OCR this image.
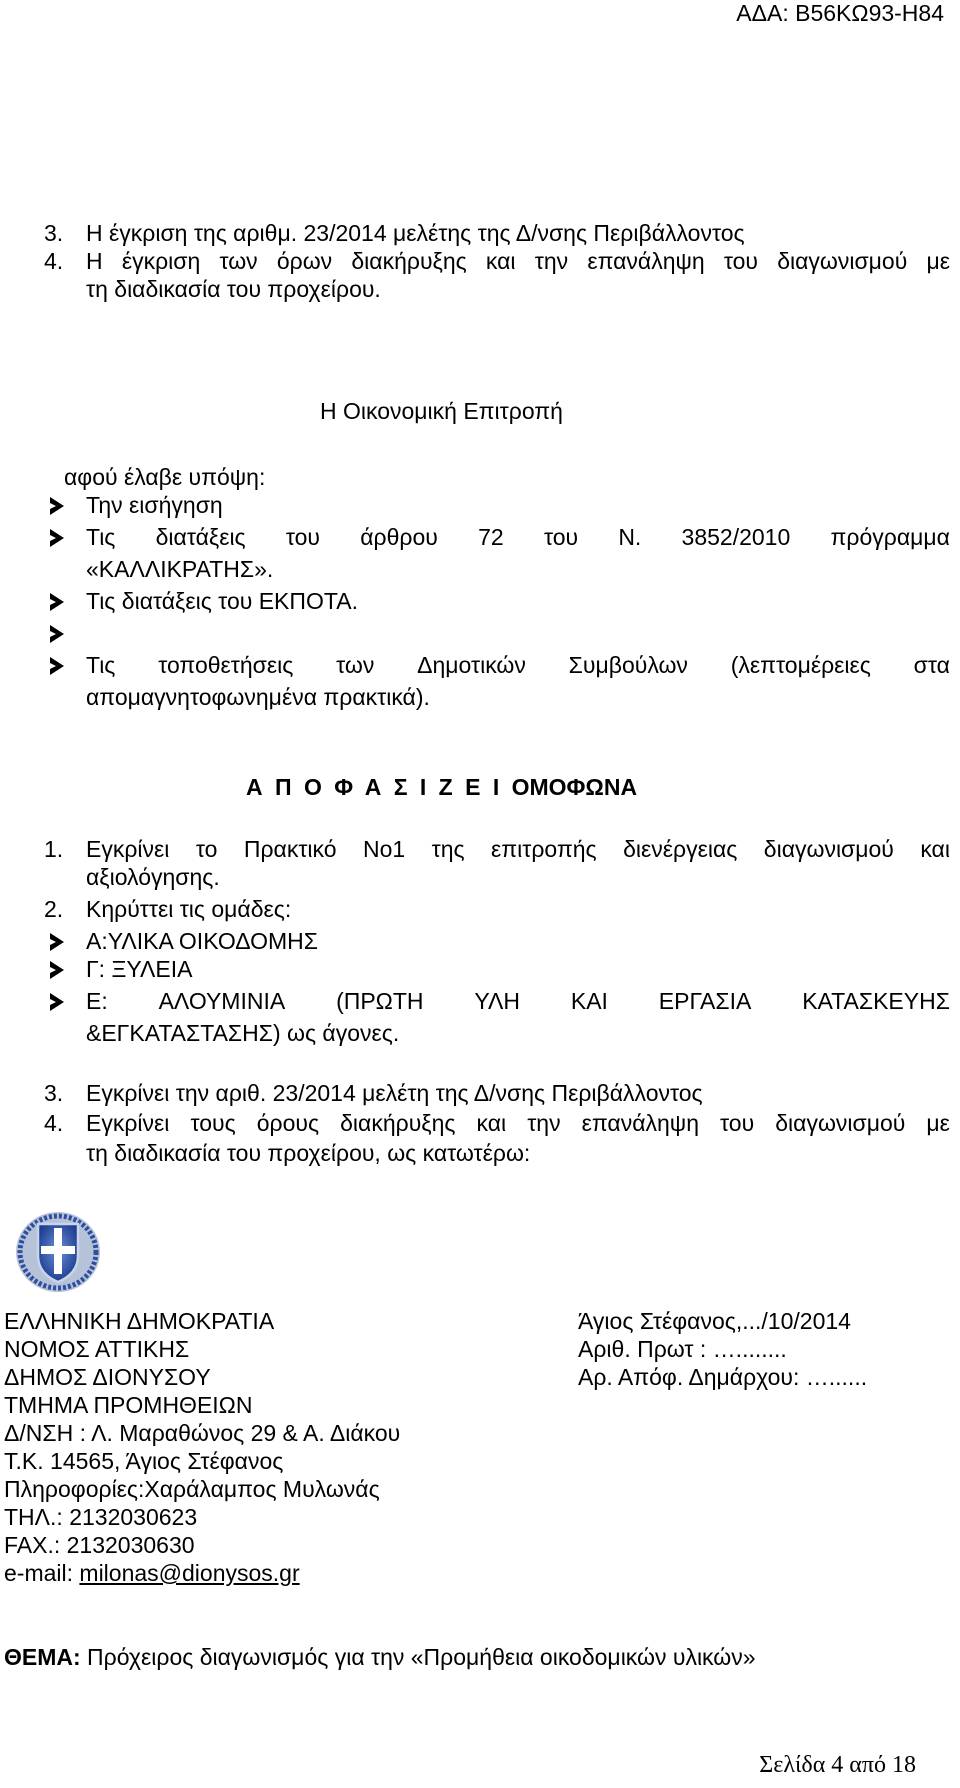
ΑΔΑ: Β56ΚΩ93-Η84
3. Η έγκριση της αριθμ. 23/2014 μελέτης της Δ/νσης Περιβάλλοντος
4. Η έγκριση των όρων διακήρυξης και την επανάληψη του διαγωνισμού με
τη διαδικασία του προχείρου.
Η Οικονομική Επιτροπή
αφού έλαβε υπόψη:
Την εισήγηση
Τις διατάξεις του άρθρου 72 του Ν. 3852/2010 πρόγραμμα
«ΚΑΛΛΙΚΡΑΤΗΣ».
Τις διατάξεις του ΕΚΠΟΤΑ.
Τις τοποθετήσεις των Δημοτικών Συμβούλων (λεπτομέρειες στα
απομαγνητοφωνημένα πρακτικά).
Α Π Ο Φ Α Σ Ι Ζ Ε Ι ΟΜΟΦΩΝΑ
1. Εγκρίνει το Πρακτικό Νο1 της επιτροπής διενέργειας διαγωνισμού και
αξιολόγησης.
2. Κηρύττει τις ομάδες:
Α:ΥΛΙΚΑ ΟΙΚΟΔΟΜΗΣ
Γ: ΞΥΛΕΙΑ
Ε: ΑΛΟΥΜΙΝΙΑ (ΠΡΩΤΗ ΥΛΗ ΚΑΙ ΕΡΓΑΣΙΑ ΚΑΤΑΣΚΕΥΗΣ
&ΕΓΚΑΤΑΣΤΑΣΗΣ) ως άγονες.
3. Εγκρίνει την αριθ. 23/2014 μελέτη της Δ/νσης Περιβάλλοντος
4. Εγκρίνει τους όρους διακήρυξης και την επανάληψη του διαγωνισμού με
τη διαδικασία του προχείρου, ως κατωτέρω:
ΕΛΛΗΝΙΚΗ ΔΗΜΟΚΡΑΤΙΑ
ΝΟΜΟΣ ΑΤΤΙΚΗΣ
ΔΗΜΟΣ ΔΙΟΝΥΣΟΥ
ΤΜΗΜΑ ΠΡΟΜΗΘΕΙΩΝ
Δ/ΝΣΗ : Λ. Μαραθώνος 29 & Α. Διάκου
Τ.Κ. 14565, Άγιος Στέφανος
Πληροφορίες:Χαράλαμπος Μυλωνάς
ΤΗΛ.: 2132030623
FAX.: 2132030630
e-mail: milonas@dionysos.gr
Άγιος Στέφανος,.../10/2014
Αριθ. Πρωτ : …........
Αρ. Απόφ. Δημάρχου: …......
ΘΕΜΑ: Πρόχειρος διαγωνισμός για την «Προμήθεια οικοδομικών υλικών»
Σελίδα 4 από 18
